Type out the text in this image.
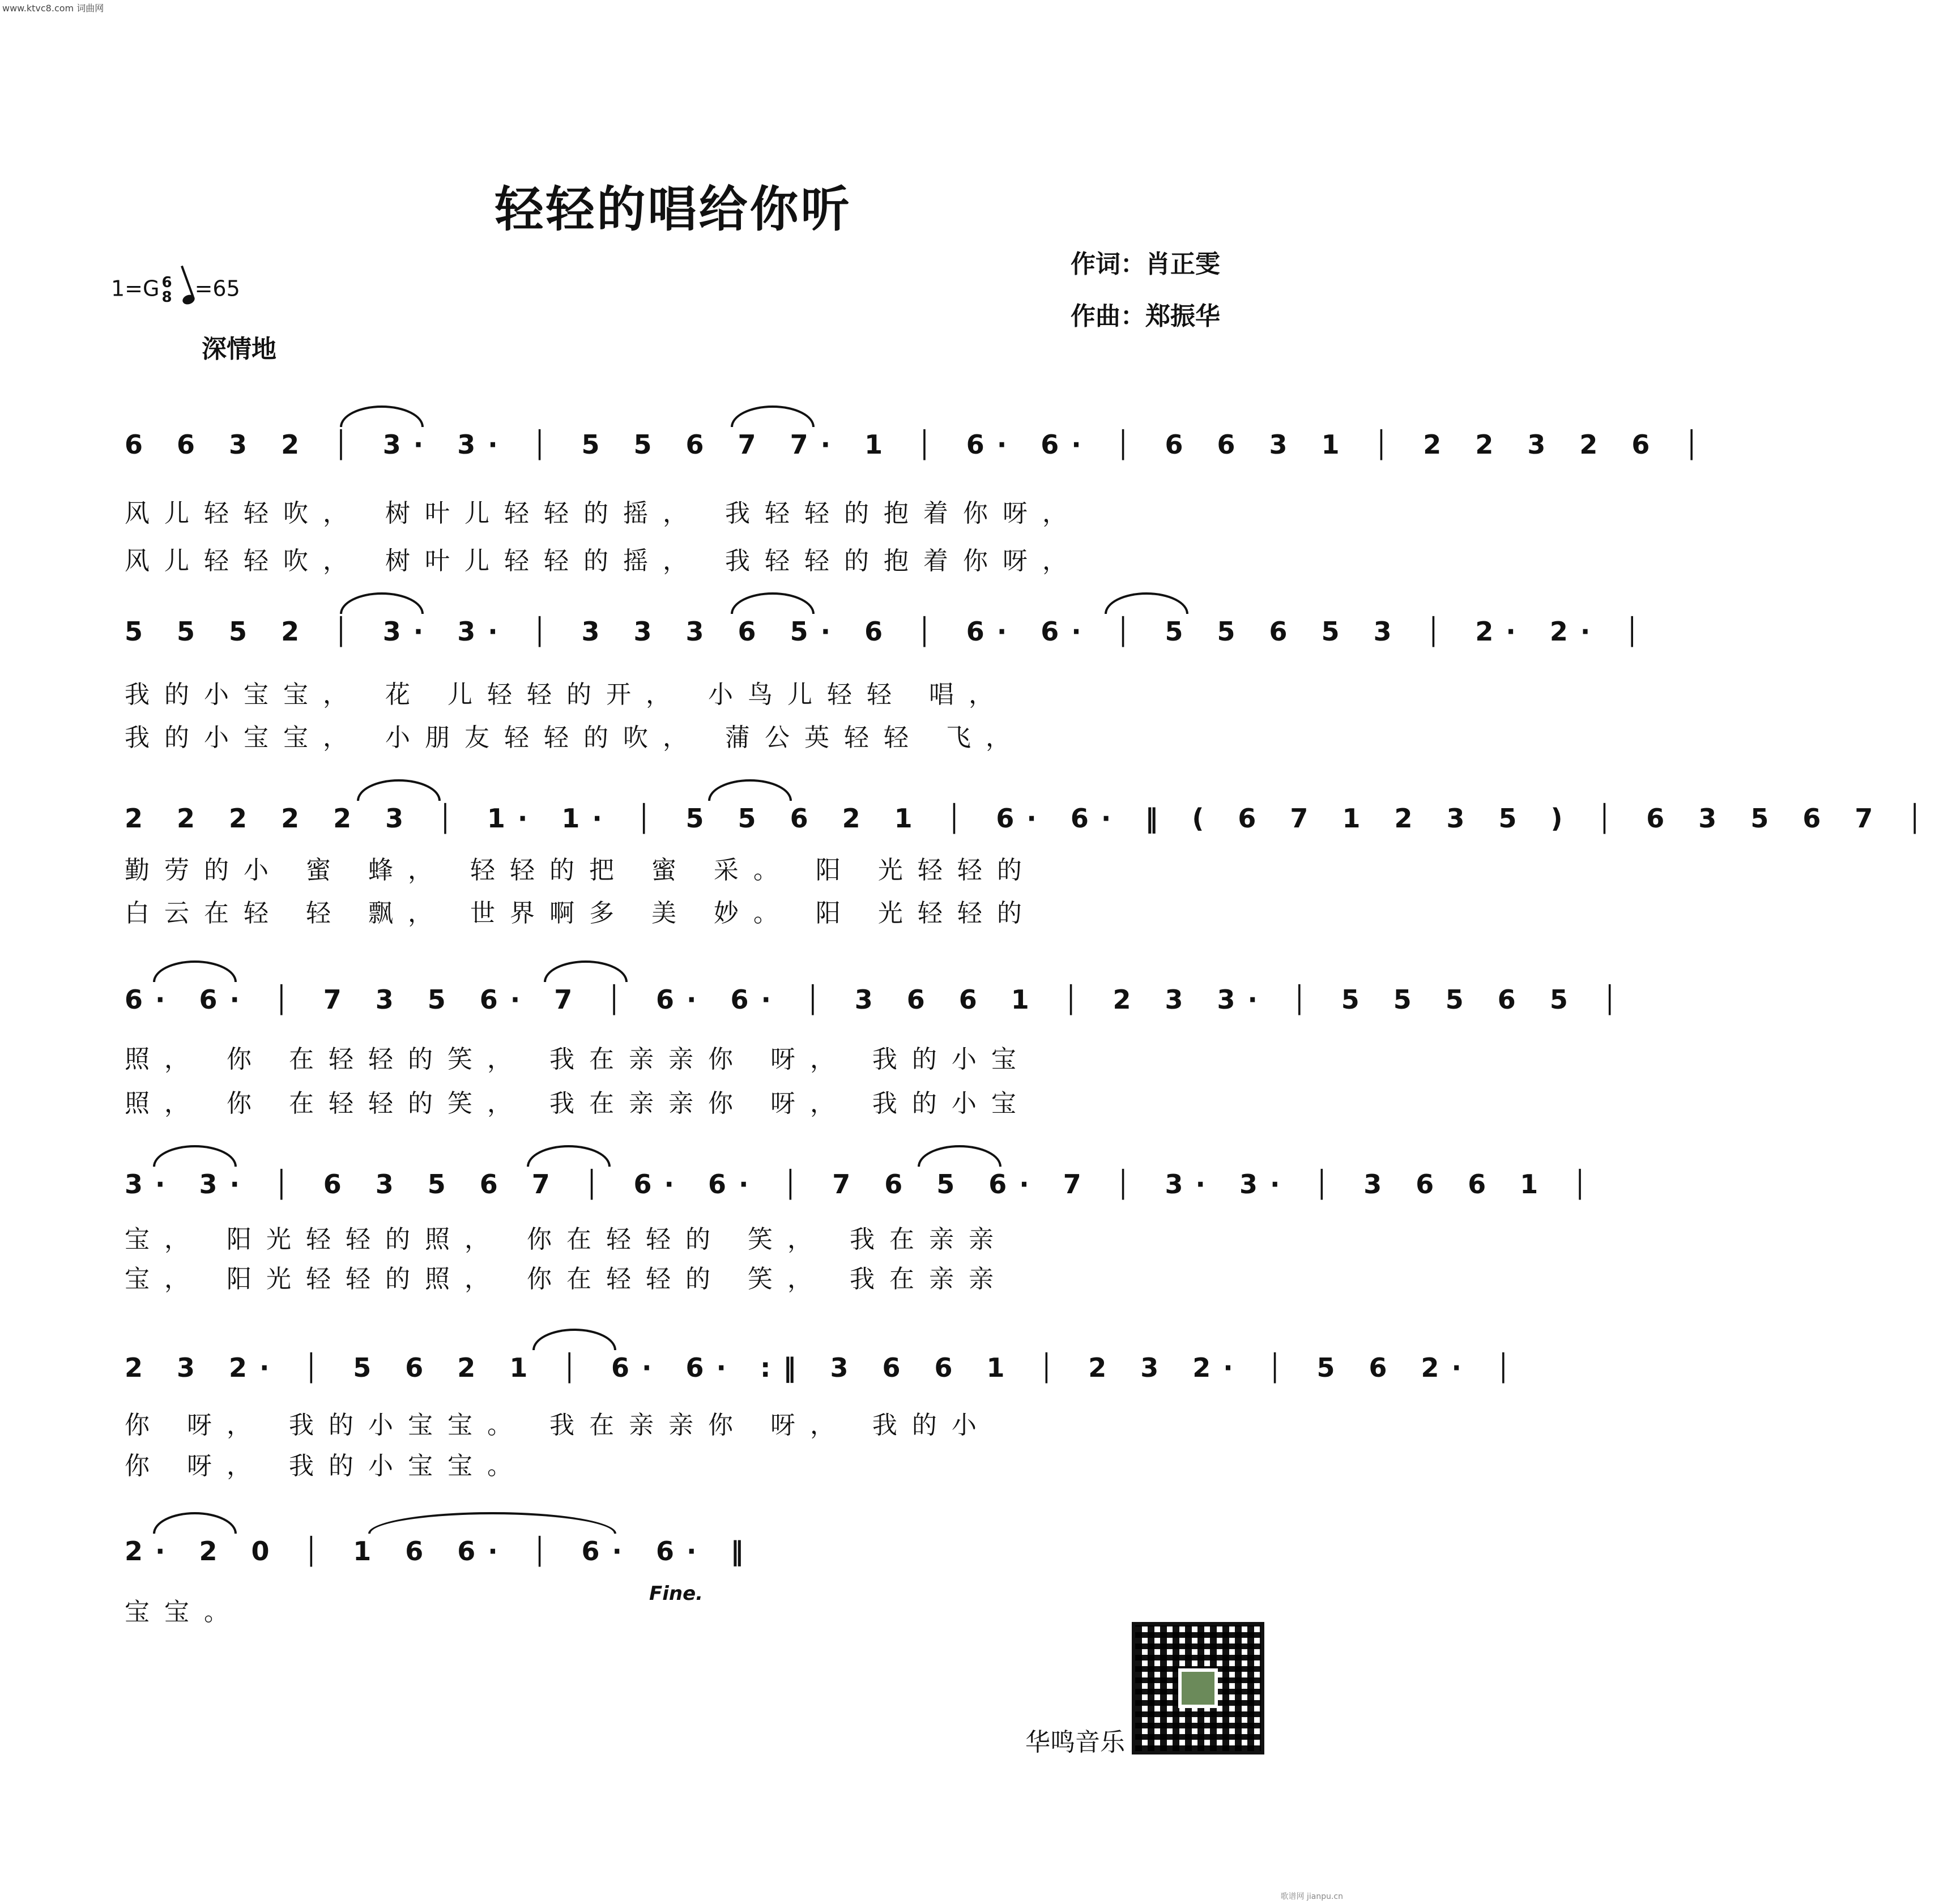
www.ktvc8.com 词曲网
轻轻的唱给你听
作词：肖正雯
作曲：郑振华
1=G 6
8 =65
深情地
6 6 3 2 │ 3· 3· │ 5 5 6 7 7· 1 │ 6· 6· │ 6 6 3 1 │ 2 2 3 2 6 │
风儿轻轻吹， 树叶儿轻轻的摇， 我轻轻的抱着你呀，
风儿轻轻吹， 树叶儿轻轻的摇， 我轻轻的抱着你呀，
5 5 5 2 │ 3· 3· │ 3 3 3 6 5· 6 │ 6· 6· │ 5 5 6 5 3 │ 2· 2· │
我的小宝宝， 花 儿轻轻的开， 小鸟儿轻轻 唱，
我的小宝宝， 小朋友轻轻的吹， 蒲公英轻轻 飞，
2 2 2 2 2 3 │ 1· 1· │ 5 5 6 2 1 │ 6· 6· ‖ ( 6 7 1 2 3 5 ) │ 6 3 5 6 7 │
勤劳的小 蜜 蜂， 轻轻的把 蜜 采。 阳 光轻轻的
白云在轻 轻 飘， 世界啊多 美 妙。 阳 光轻轻的
6· 6· │ 7 3 5 6· 7 │ 6· 6· │ 3 6 6 1 │ 2 3 3· │ 5 5 5 6 5 │
照， 你 在轻轻的笑， 我在亲亲你 呀， 我的小宝
照， 你 在轻轻的笑， 我在亲亲你 呀， 我的小宝
3· 3· │ 6 3 5 6 7 │ 6· 6· │ 7 6 5 6· 7 │ 3· 3· │ 3 6 6 1 │
宝， 阳光轻轻的照， 你在轻轻的 笑， 我在亲亲
宝， 阳光轻轻的照， 你在轻轻的 笑， 我在亲亲
2 3 2· │ 5 6 2 1 │ 6· 6· :‖ 3 6 6 1 │ 2 3 2· │ 5 6 2· │
你 呀， 我的小宝宝。 我在亲亲你 呀， 我的小
你 呀， 我的小宝宝。
2· 2 0 │ 1 6 6· │ 6· 6· ‖
宝宝。
Fine.
华鸣音乐
歌谱网 jianpu.cn
